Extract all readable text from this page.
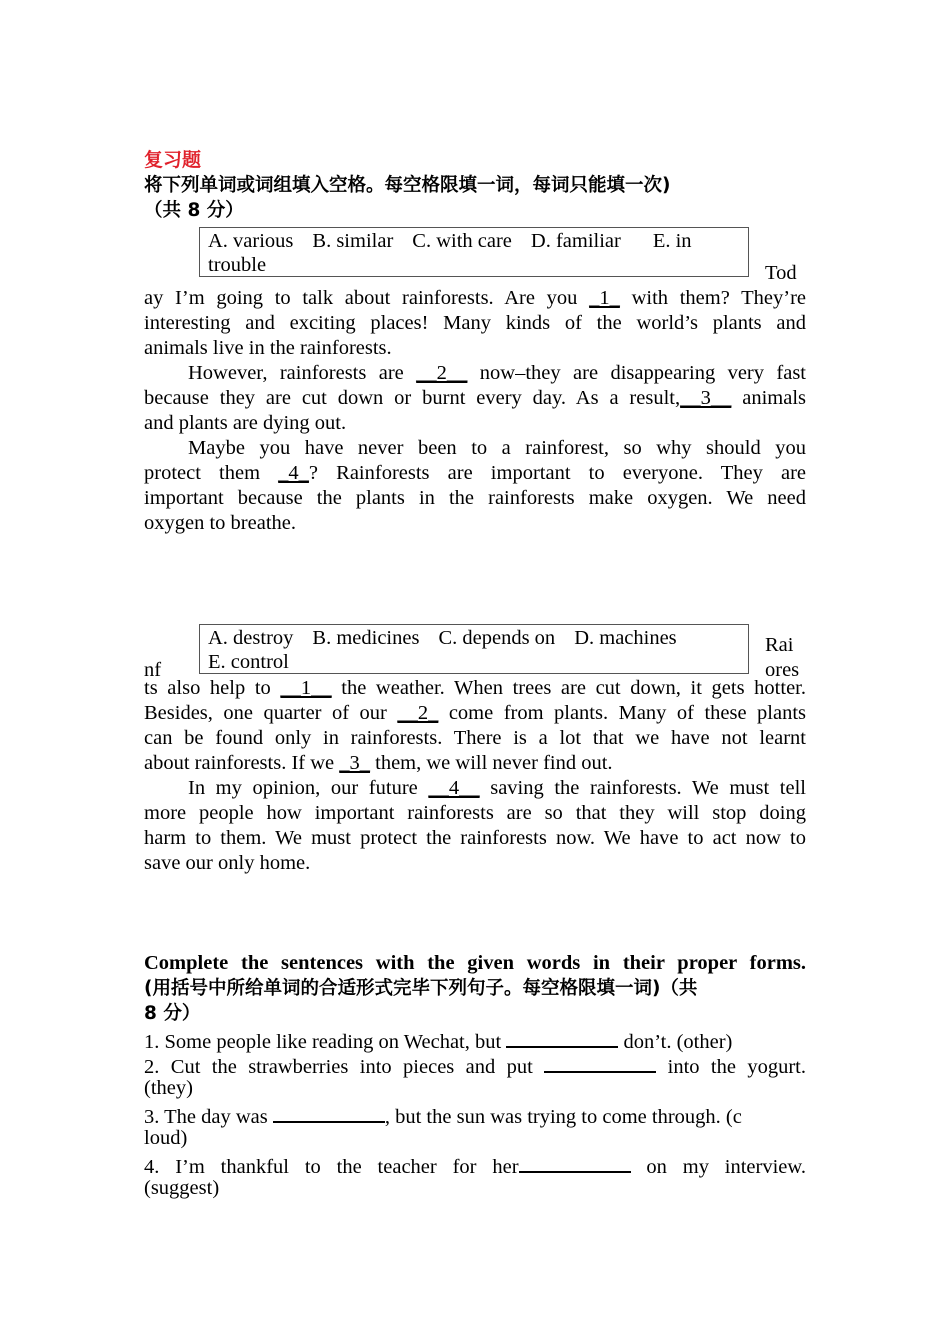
复习题
将下列单词或词组填入空格。每空格限填一词，每词只能填一次)
（共 8 分）
A. various B. similar C. with care D. familiar E. in
trouble	Tod
ay I’m going to talk about rainforests. Are you _1_ with them? They’re
interesting and exciting places! Many kinds of the world’s plants and
animals live in the rainforests.
However, rainforests are __2__ now–they are disappearing very fast
because they are cut down or burnt every day. As a result,__3__ animals
and plants are dying out.
Maybe you have never been to a rainforest, so why should you
protect them _4_? Rainforests are important to everyone. They are
important because the plants in the rainforests make oxygen. We need
oxygen to breathe.
A. destroy B. medicines C. depends on D. machines
E. control
nf
Rai
ores
ts also help to __1__ the weather. When trees are cut down, it gets hotter.
Besides, one quarter of our __2_ come from plants. Many of these plants
can be found only in rainforests. There is a lot that we have not learnt
about rainforests. If we _3_ them, we will never find out.
In my opinion, our future __4__ saving the rainforests. We must tell
more people how important rainforests are so that they will stop doing
harm to them. We must protect the rainforests now. We have to act now to
save our only home.
Complete the sentences with the given words in their proper forms.
(用括号中所给单词的合适形式完毕下列句子。每空格限填一词)（共
8 分）
1. Some people like reading on Wechat, but	don’t. (other)
2. Cut the strawberries into pieces and put	into the yogurt.
(they)
3. The day was	, but the sun was trying to come through. (c
loud)
4. I’m thankful to the teacher for her	on my interview.
(suggest)
